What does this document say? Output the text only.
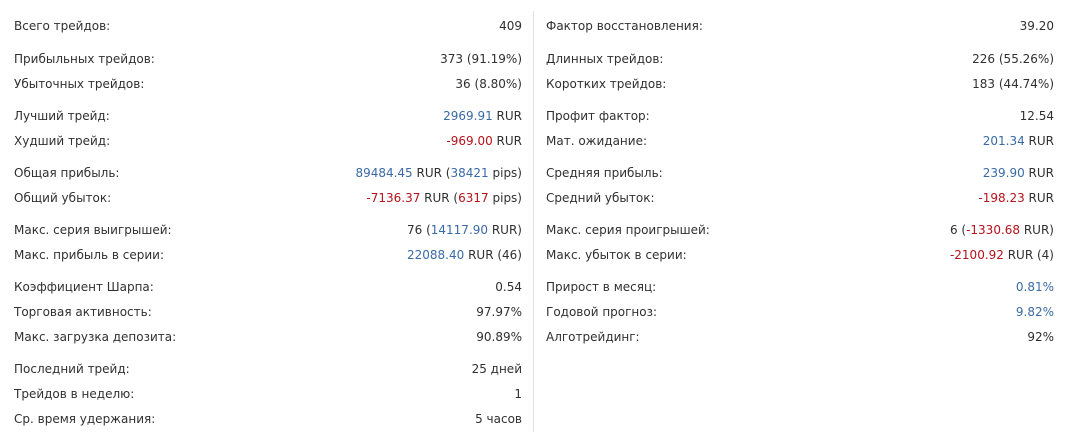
Всего трейдов:	409
Прибыльных трейдов:	373 (91.19%)
Убыточных трейдов:	36 (8.80%)
Лучший трейд:	2969.91 RUR
Худший трейд:	-969.00 RUR
Общая прибыль:	89484.45 RUR (38421 pips)
Общий убыток:	-7136.37 RUR (6317 pips)
Макс. серия выигрышей:	76 (14117.90 RUR)
Макс. прибыль в серии:	22088.40 RUR (46)
Коэффициент Шарпа:	0.54
Торговая активность:	97.97%
Макс. загрузка депозита:	90.89%
Последний трейд:	25 дней
Трейдов в неделю:	1
Ср. время удержания:	5 часов
Фактор восстановления:	39.20
Длинных трейдов:	226 (55.26%)
Коротких трейдов:	183 (44.74%)
Профит фактор:	12.54
Мат. ожидание:	201.34 RUR
Средняя прибыль:	239.90 RUR
Средний убыток:	-198.23 RUR
Макс. серия проигрышей:	6 (-1330.68 RUR)
Макс. убыток в серии:	-2100.92 RUR (4)
Прирост в месяц:	0.81%
Годовой прогноз:	9.82%
Алготрейдинг:	92%
